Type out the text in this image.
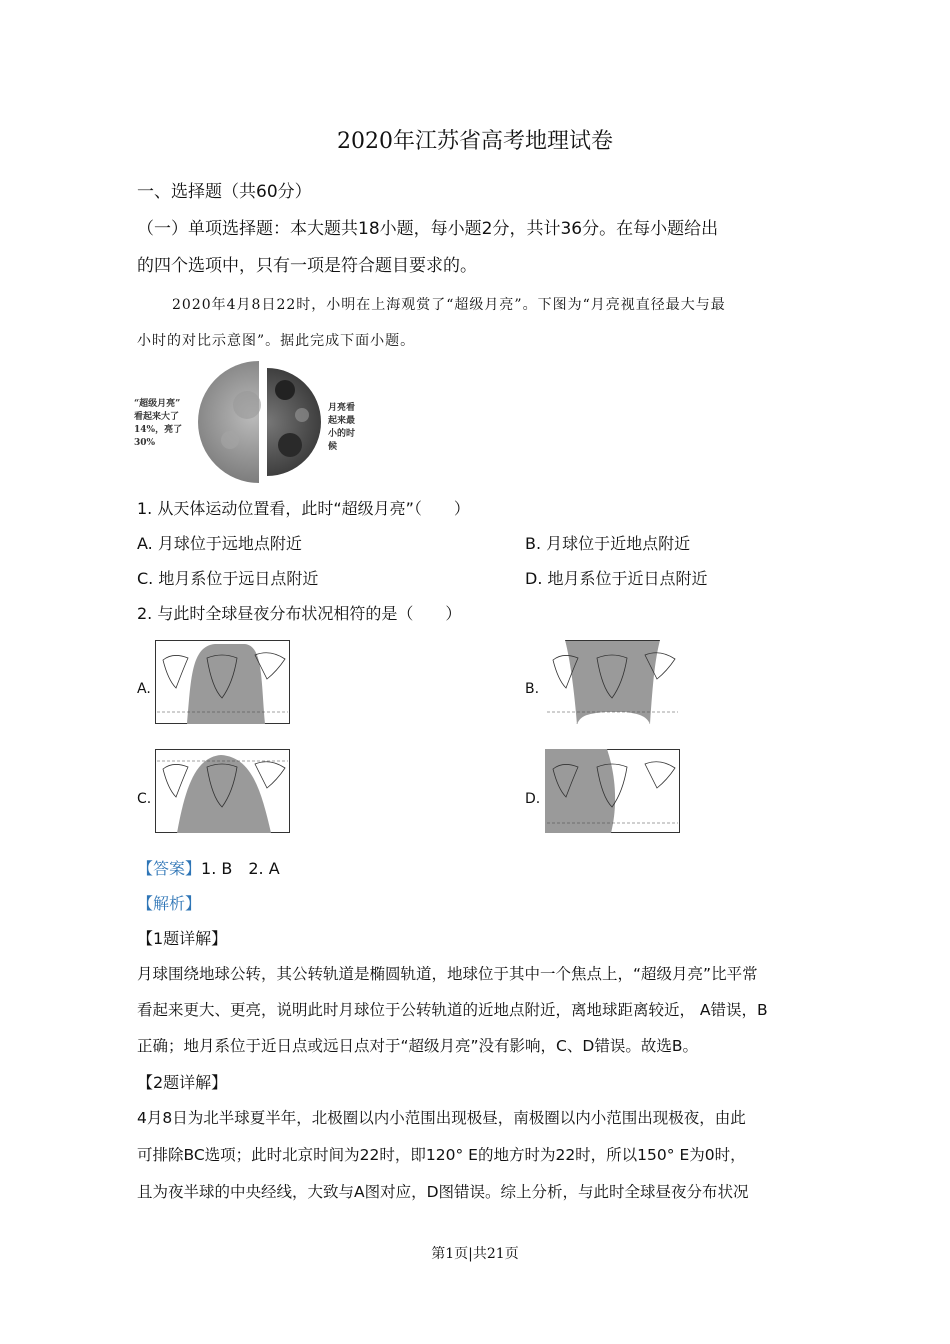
2020年江苏省高考地理试卷
一、选择题（共60分）
（一）单项选择题：本大题共18小题，每小题2分，共计36分。在每小题给出
的四个选项中，只有一项是符合题目要求的。
2020年4月8日22时，小明在上海观赏了“超级月亮”。下图为“月亮视直径最大与最
小时的对比示意图”。据此完成下面小题。
“超级月亮”
看起来大了
14%，亮了
30%
月亮看
起来最
小的时
候
1. 从天体运动位置看，此时“超级月亮”（　　）
A. 月球位于远地点附近	B. 月球位于近地点附近
C. 地月系位于远日点附近	D. 地月系位于近日点附近
2. 与此时全球昼夜分布状况相符的是（　　）
A.	B.
C.	D.
【答案】1. B　2. A
【解析】
【1题详解】
月球围绕地球公转，其公转轨道是椭圆轨道，地球位于其中一个焦点上，“超级月亮”比平常
看起来更大、更亮，说明此时月球位于公转轨道的近地点附近，离地球距离较近， A错误，B
正确；地月系位于近日点或远日点对于“超级月亮”没有影响，C、D错误。故选B。
【2题详解】
4月8日为北半球夏半年，北极圈以内小范围出现极昼，南极圈以内小范围出现极夜，由此
可排除BC选项；此时北京时间为22时，即120° E的地方时为22时，所以150° E为0时，
且为夜半球的中央经线，大致与A图对应，D图错误。综上分析，与此时全球昼夜分布状况
第1页|共21页
